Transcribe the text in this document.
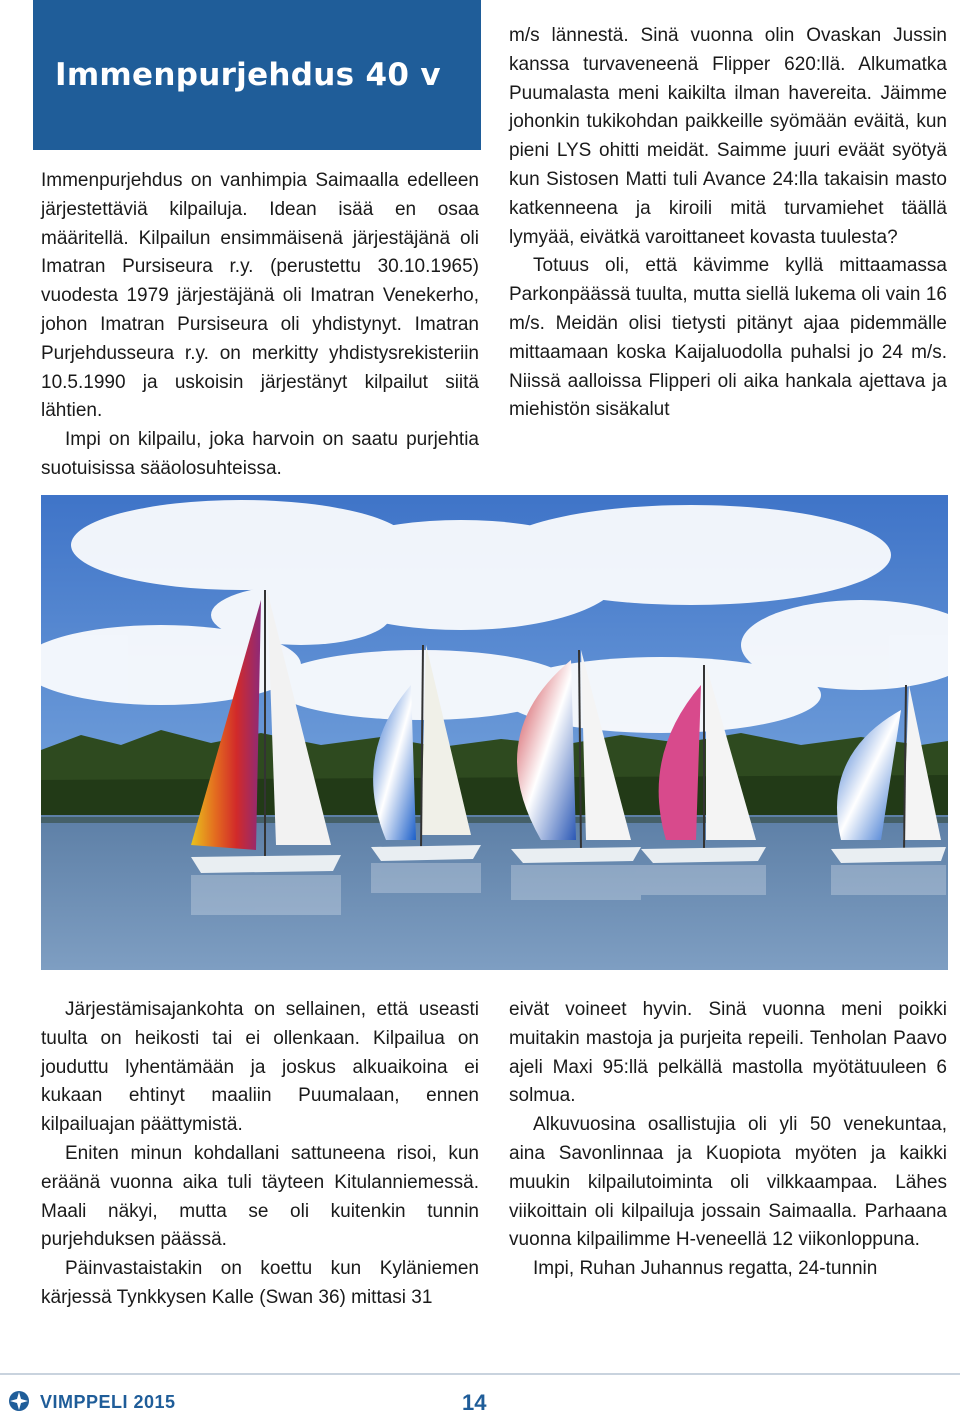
Immenpurjehdus 40 v

Immenpurjehdus on vanhimpia Saimaalla edelleen järjestettäviä kilpailuja. Idean isää en osaa määritellä. Kilpailun ensimmäisenä järjestäjänä oli Imatran Pursiseura r.y. (perustettu 30.10.1965) vuodesta 1979 järjestäjänä oli Imatran Venekerho, johon Imatran Pursiseura oli yhdistynyt. Imatran Purjehdusseura r.y. on merkitty yhdistysrekisteriin 10.5.1990 ja uskoisin järjestänyt kilpailut siitä lähtien.

Impi on kilpailu, joka harvoin on saatu purjehtia suotuisissa sääolosuhteissa.

m/s lännestä. Sinä vuonna olin Ovaskan Jussin kanssa turvaveneenä Flipper 620:llä. Alkumatka Puumalasta meni kaikilta ilman havereita. Jäimme johonkin tukikohdan paikkeille syömään eväitä, kun pieni LYS ohitti meidät. Saimme juuri eväät syötyä kun Sistosen Matti tuli Avance 24:lla takaisin masto katkenneena ja kiroili mitä turvamiehet täällä lymyää, eivätkä varoittaneet kovasta tuulesta?

Totuus oli, että kävimme kyllä mittaamassa Parkonpäässä tuulta, mutta siellä lukema oli vain 16 m/s. Meidän olisi tietysti pitänyt ajaa pidemmälle mittaamaan koska Kaijaluodolla puhalsi jo 24 m/s. Niissä aalloissa Flipperi oli aika hankala ajettava ja miehistön sisäkalut

Järjestämisajankohta on sellainen, että useasti tuulta on heikosti tai ei ollenkaan. Kilpailua on jouduttu lyhentämään ja joskus alkuaikoina ei kukaan ehtinyt maaliin Puumalaan, ennen kilpailuajan päättymistä.

Eniten minun kohdallani sattuneena risoi, kun eräänä vuonna aika tuli täyteen Kitulanniemessä. Maali näkyi, mutta se oli kuitenkin tunnin purjehduksen päässä.

Päinvastaistakin on koettu kun Kyläniemen kärjessä Tynkkysen Kalle (Swan 36) mittasi 31

eivät voineet hyvin. Sinä vuonna meni poikki muitakin mastoja ja purjeita repeili. Tenholan Paavo ajeli Maxi 95:llä pelkällä mastolla myötätuuleen 6 solmua.

Alkuvuosina osallistujia oli yli 50 venekuntaa, aina Savonlinnaa ja Kuopiota myöten ja kaikki muukin kilpailutoiminta oli vilkkaampaa. Lähes viikoittain oli kilpailuja jossain Saimaalla. Parhaana vuonna kilpailimme H-veneellä 12 viikonloppuna.

Impi, Ruhan Juhannus regatta, 24-tunnin

VIMPPELI 2015	14
